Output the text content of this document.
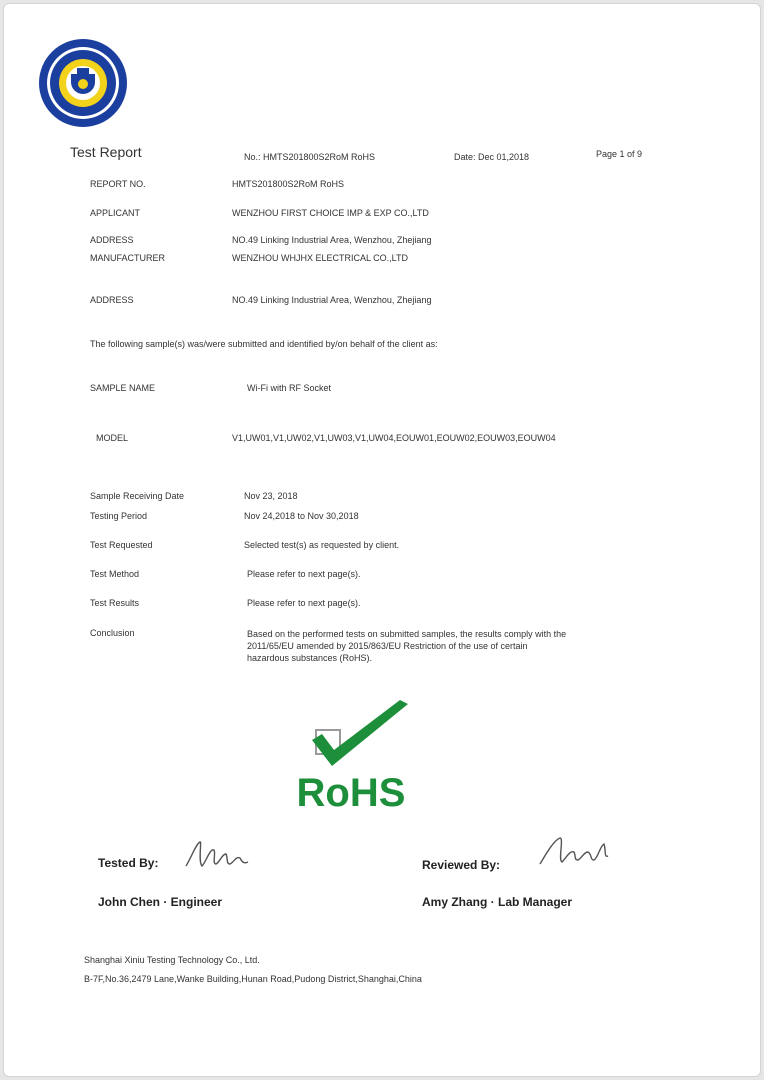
Test Report	No.: HMTS201800S2RoM RoHS	Date: Dec 01,2018	Page 1 of 9
REPORT NO.	HMTS201800S2RoM RoHS
APPLICANT	WENZHOU FIRST CHOICE IMP & EXP CO.,LTD
ADDRESS	NO.49 Linking Industrial Area, Wenzhou, Zhejiang
MANUFACTURER	WENZHOU WHJHX ELECTRICAL CO.,LTD
ADDRESS	NO.49 Linking Industrial Area, Wenzhou, Zhejiang
The following sample(s) was/were submitted and identified by/on behalf of the client as:
SAMPLE NAME	Wi-Fi with RF Socket
MODEL	V1,UW01,V1,UW02,V1,UW03,V1,UW04,EOUW01,EOUW02,EOUW03,EOUW04
Sample Receiving Date	Nov 23, 2018
Testing Period	Nov 24,2018 to Nov 30,2018
Test Requested	Selected test(s) as requested by client.
Test Method	Please refer to next page(s).
Test Results	Please refer to next page(s).
Conclusion	Based on the performed tests on submitted samples, the results comply with the
2011/65/EU amended by 2015/863/EU Restriction of the use of certain
hazardous substances (RoHS).
RoHS
Tested By:
John Chen · Engineer
Reviewed By:
Amy Zhang · Lab Manager
Shanghai Xiniu Testing Technology Co., Ltd.
B-7F,No.36,2479 Lane,Wanke Building,Hunan Road,Pudong District,Shanghai,China
